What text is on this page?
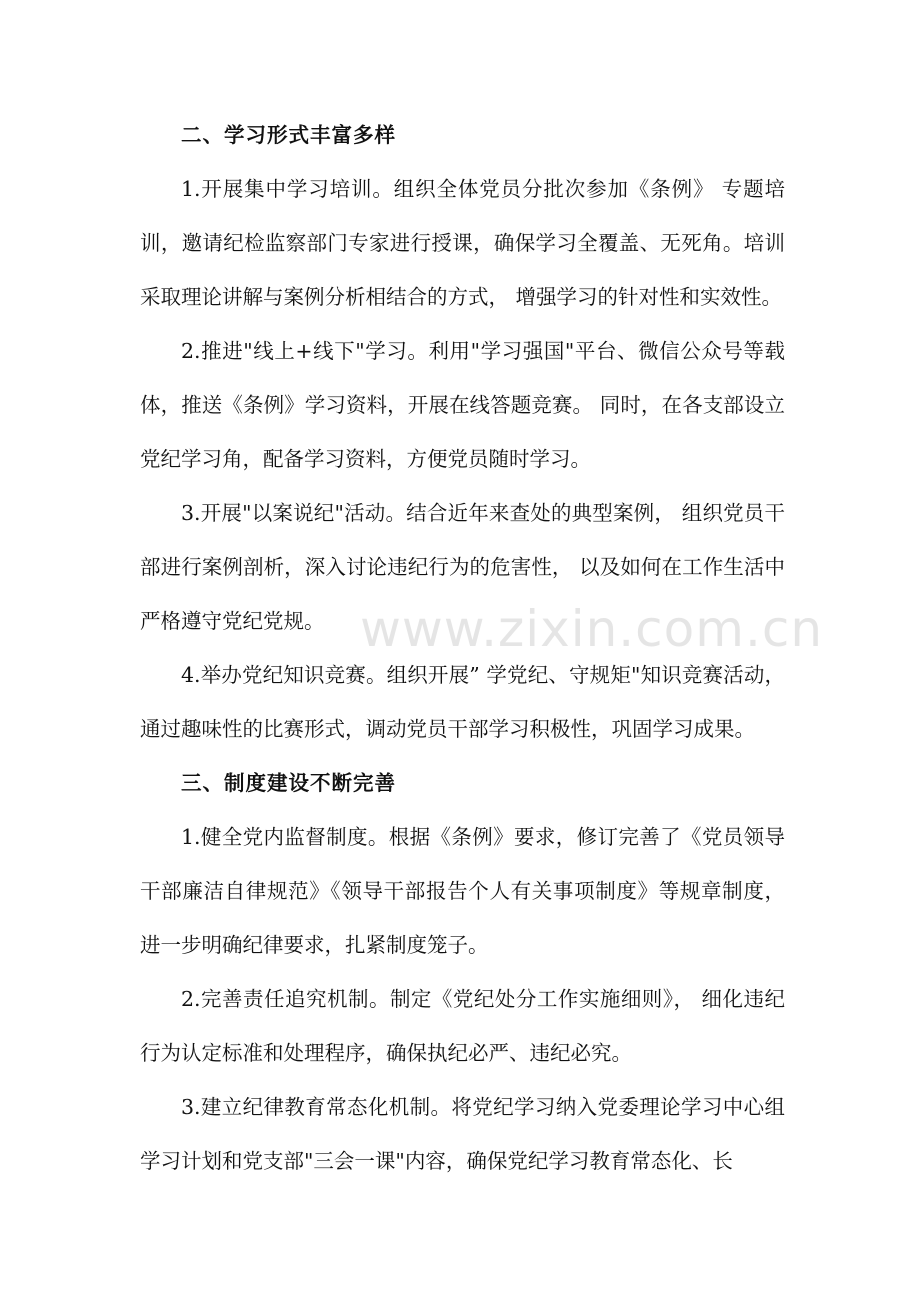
二、学习形式丰富多样

1.开展集中学习培训。组织全体党员分批次参加《条例》 专题培训，邀请纪检监察部门专家进行授课，确保学习全覆盖、无死角。培训采取理论讲解与案例分析相结合的方式， 增强学习的针对性和实效性。

2.推进"线上+线下"学习。利用"学习强国"平台、微信公众号等载体，推送《条例》学习资料，开展在线答题竞赛。 同时，在各支部设立党纪学习角，配备学习资料，方便党员随时学习。

3.开展"以案说纪"活动。结合近年来查处的典型案例， 组织党员干部进行案例剖析，深入讨论违纪行为的危害性， 以及如何在工作生活中严格遵守党纪党规。

4.举办党纪知识竞赛。组织开展” 学党纪、守规矩"知识竞赛活动，通过趣味性的比赛形式，调动党员干部学习积极性，巩固学习成果。

三、制度建设不断完善

1.健全党内监督制度。根据《条例》要求，修订完善了《党员领导干部廉洁自律规范》《领导干部报告个人有关事项制度》等规章制度，进一步明确纪律要求，扎紧制度笼子。

2.完善责任追究机制。制定《党纪处分工作实施细则》， 细化违纪行为认定标准和处理程序，确保执纪必严、违纪必究。

3.建立纪律教育常态化机制。将党纪学习纳入党委理论学习中心组学习计划和党支部"三会一课"内容，确保党纪学习教育常态化、长

www.zixin.com.cn
